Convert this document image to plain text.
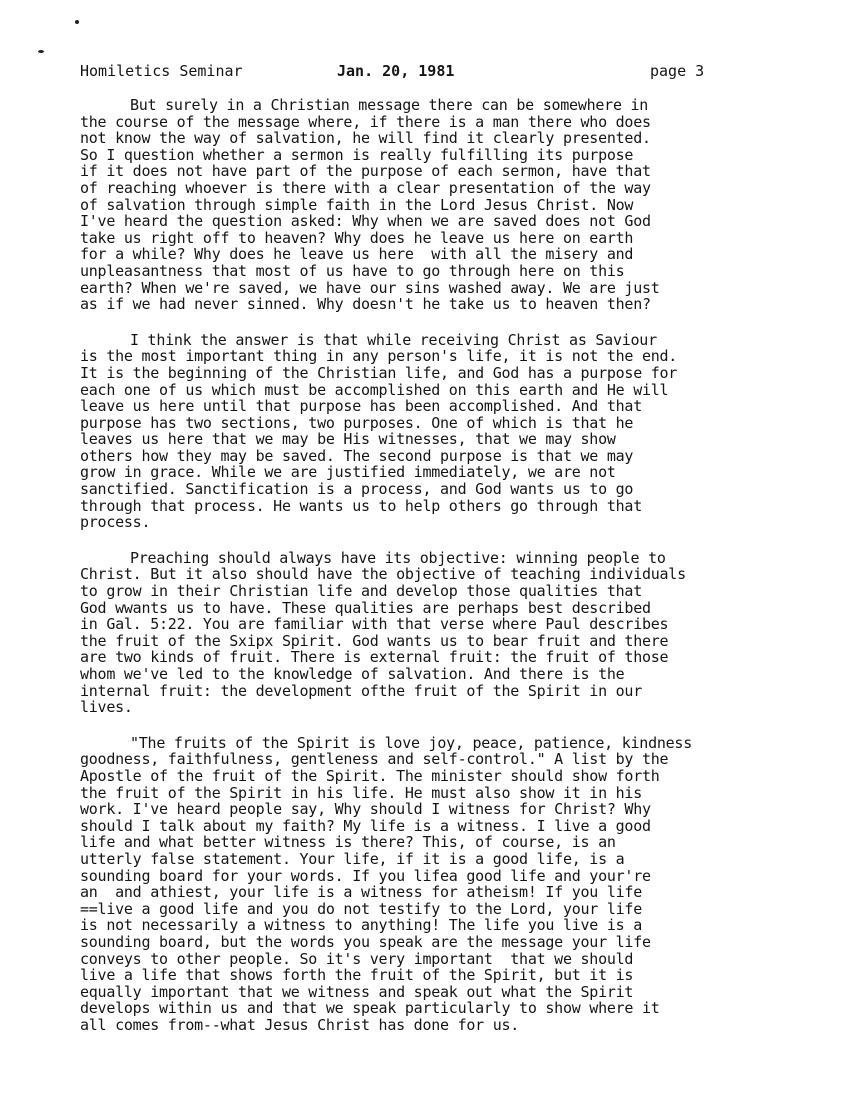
Homiletics Seminar	Jan. 20, 1981	page 3
But surely in a Christian message there can be somewhere in
the course of the message where, if there is a man there who does
not know the way of salvation, he will find it clearly presented.
So I question whether a sermon is really fulfilling its purpose
if it does not have part of the purpose of each sermon, have that
of reaching whoever is there with a clear presentation of the way
of salvation through simple faith in the Lord Jesus Christ. Now
I've heard the question asked: Why when we are saved does not God
take us right off to heaven? Why does he leave us here on earth
for a while? Why does he leave us here  with all the misery and
unpleasantness that most of us have to go through here on this
earth? When we're saved, we have our sins washed away. We are just
as if we had never sinned. Why doesn't he take us to heaven then?
I think the answer is that while receiving Christ as Saviour
is the most important thing in any person's life, it is not the end.
It is the beginning of the Christian life, and God has a purpose for
each one of us which must be accomplished on this earth and He will
leave us here until that purpose has been accomplished. And that
purpose has two sections, two purposes. One of which is that he
leaves us here that we may be His witnesses, that we may show
others how they may be saved. The second purpose is that we may
grow in grace. While we are justified immediately, we are not
sanctified. Sanctification is a process, and God wants us to go
through that process. He wants us to help others go through that
process.
Preaching should always have its objective: winning people to
Christ. But it also should have the objective of teaching individuals
to grow in their Christian life and develop those qualities that
God wwants us to have. These qualities are perhaps best described
in Gal. 5:22. You are familiar with that verse where Paul describes
the fruit of the Sxipx Spirit. God wants us to bear fruit and there
are two kinds of fruit. There is external fruit: the fruit of those
whom we've led to the knowledge of salvation. And there is the
internal fruit: the development ofthe fruit of the Spirit in our
lives.
"The fruits of the Spirit is love joy, peace, patience, kindness
goodness, faithfulness, gentleness and self-control." A list by the
Apostle of the fruit of the Spirit. The minister should show forth
the fruit of the Spirit in his life. He must also show it in his
work. I've heard people say, Why should I witness for Christ? Why
should I talk about my faith? My life is a witness. I live a good
life and what better witness is there? This, of course, is an
utterly false statement. Your life, if it is a good life, is a
sounding board for your words. If you lifea good life and your're
an  and athiest, your life is a witness for atheism! If you life
==live a good life and you do not testify to the Lord, your life
is not necessarily a witness to anything! The life you live is a
sounding board, but the words you speak are the message your life
conveys to other people. So it's very important  that we should
live a life that shows forth the fruit of the Spirit, but it is
equally important that we witness and speak out what the Spirit
develops within us and that we speak particularly to show where it
all comes from--what Jesus Christ has done for us.
